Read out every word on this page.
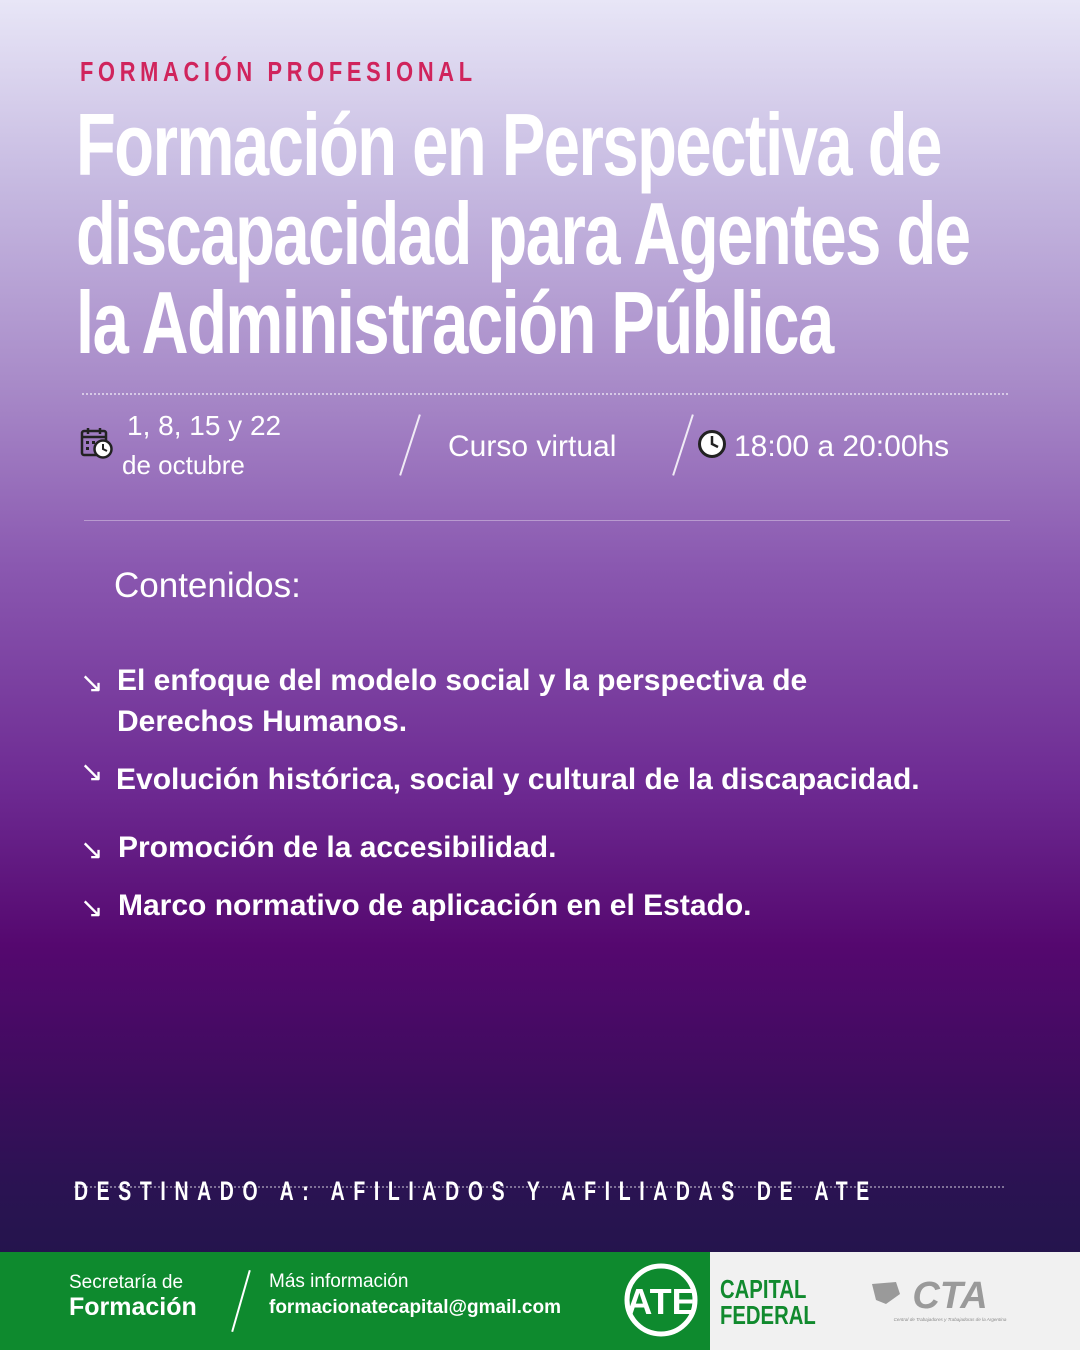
FORMACIÓN PROFESIONAL
Formación en Perspectiva de
discapacidad para Agentes de
la Administración Pública
1, 8, 15 y 22
de octubre
Curso virtual	18:00 a 20:00hs
Contenidos:
↘ El enfoque del modelo social y la perspectiva de
Derechos Humanos.
↘ Evolución histórica, social y cultural de la discapacidad.
↘ Promoción de la accesibilidad.
↘ Marco normativo de aplicación en el Estado.
DESTINADO A: AFILIADOS Y AFILIADAS DE ATE
Secretaría de
Formación
Más información
formacionatecapital@gmail.com ATE CAPITAL
FEDERAL	CTA
Central de Trabajadores y Trabajadoras de la Argentina
